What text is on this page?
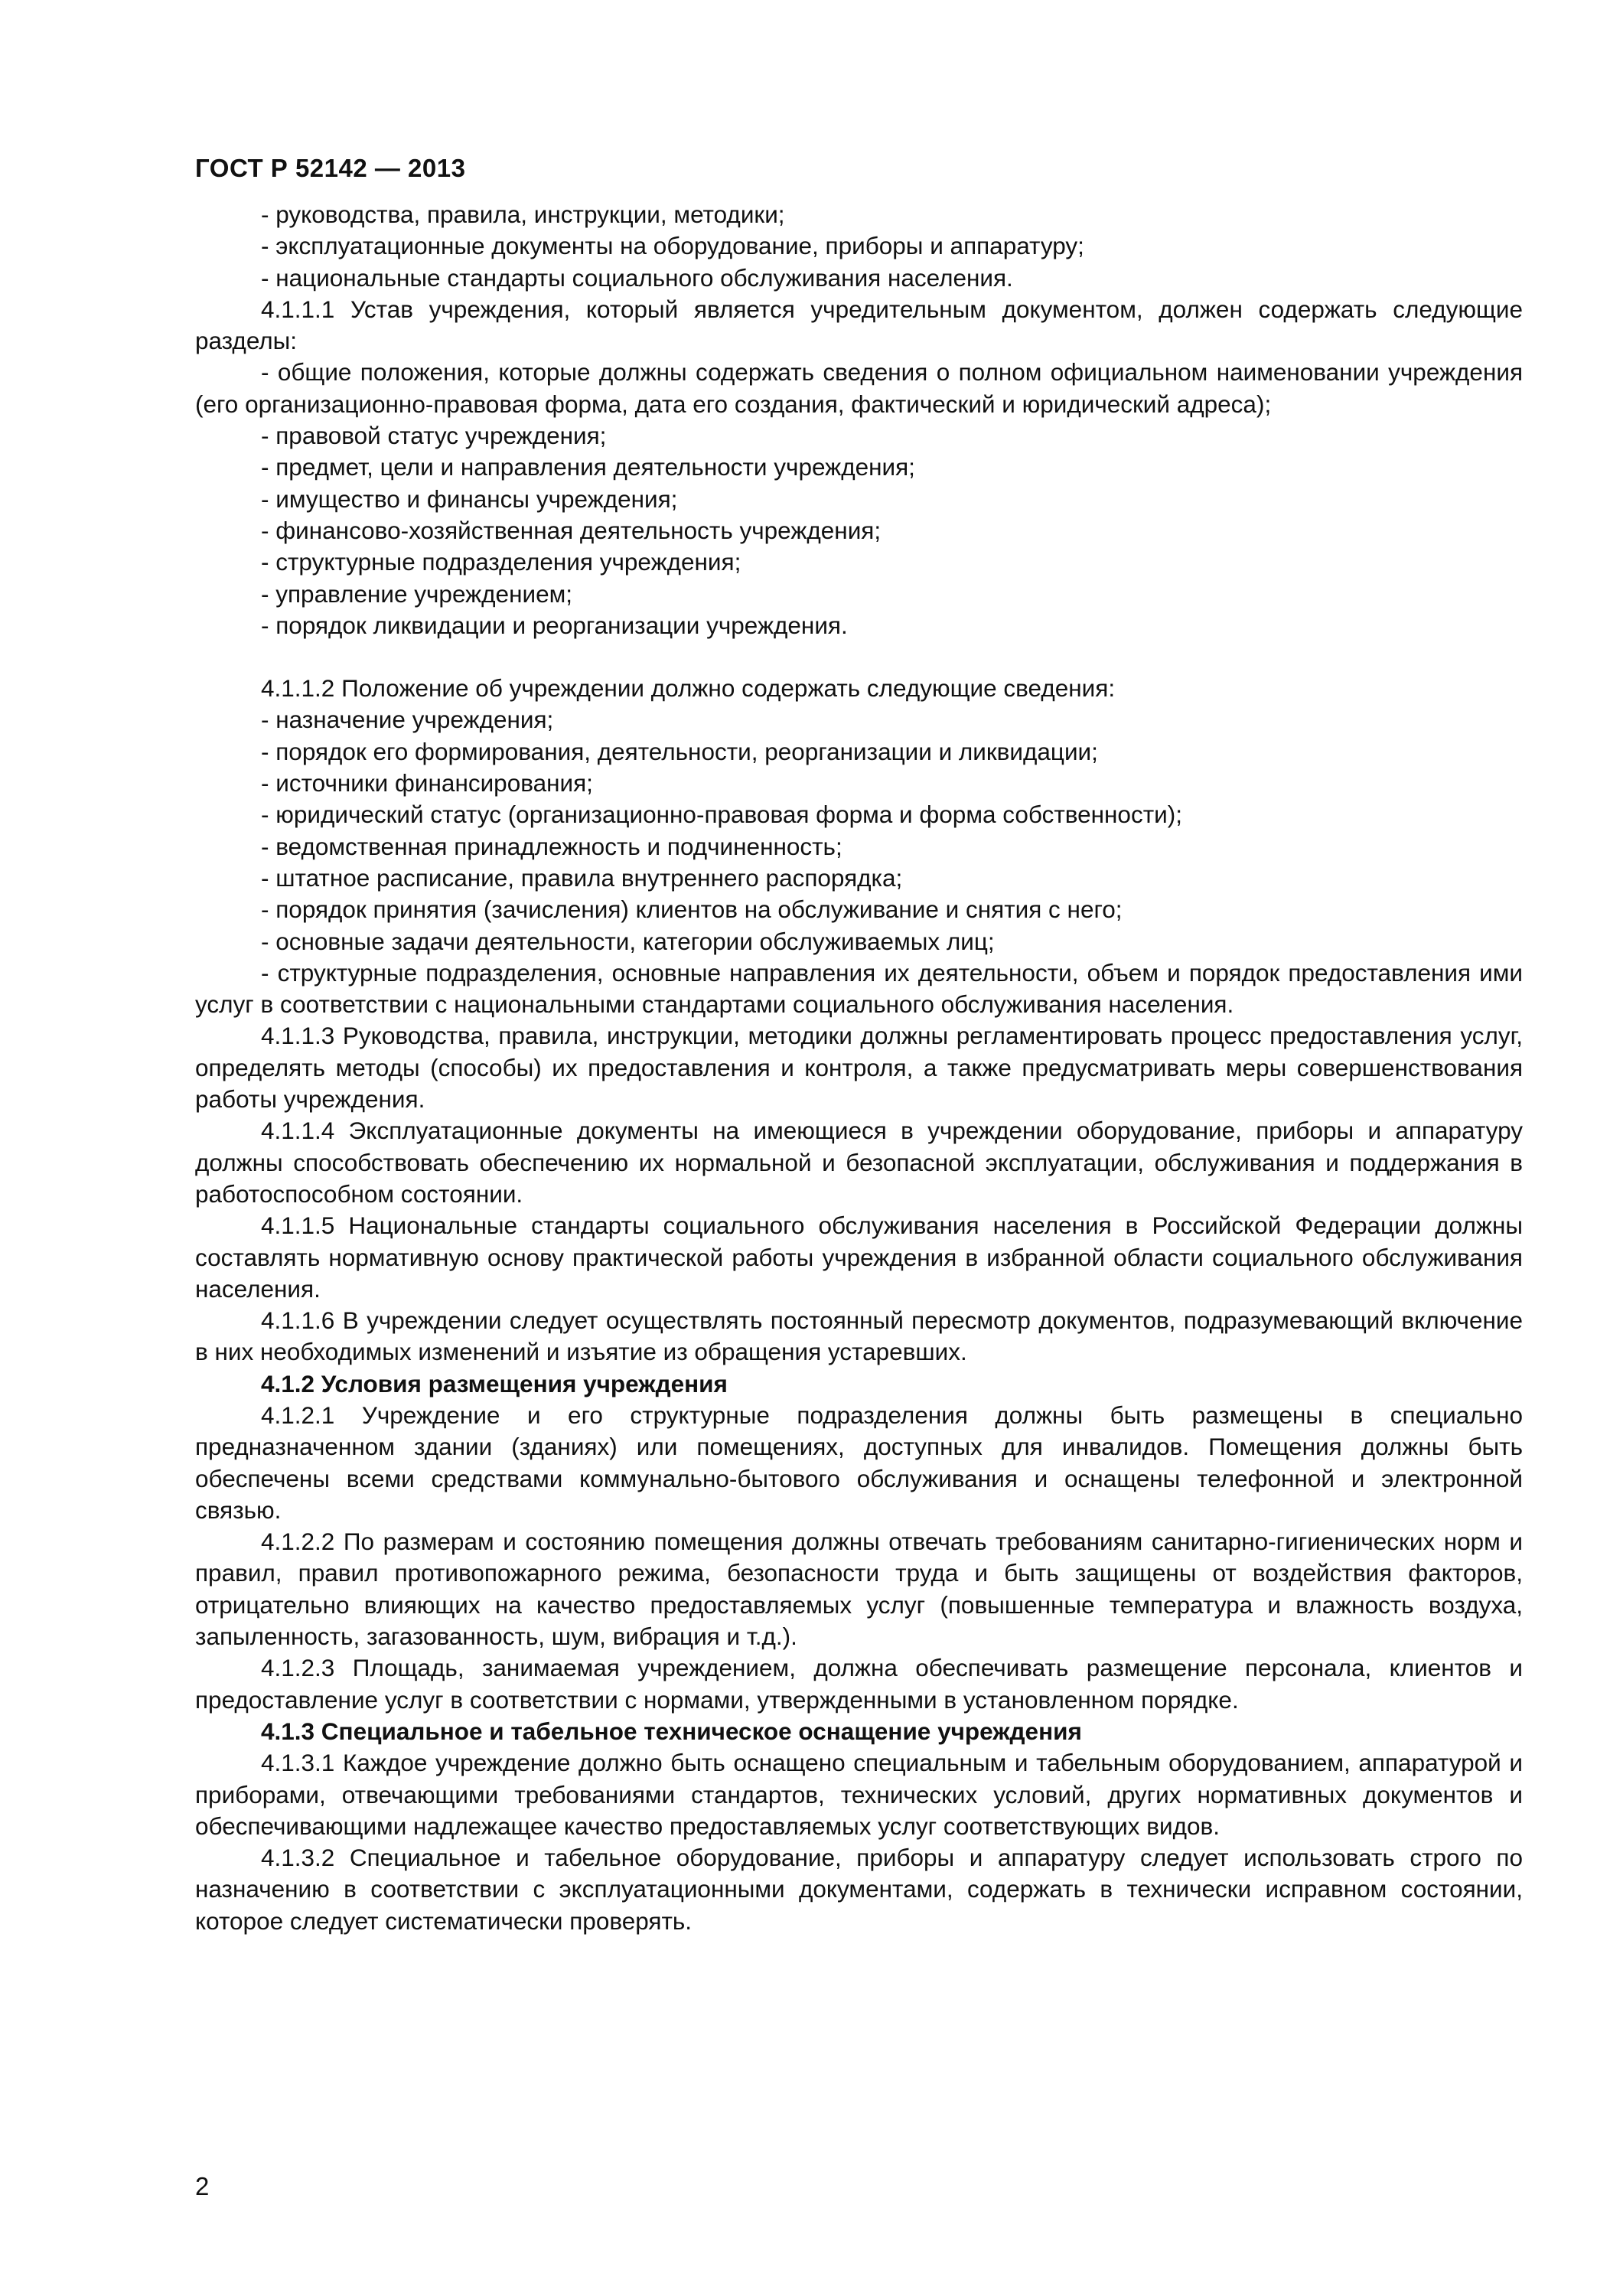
ГОСТ Р 52142 — 2013

- руководства, правила, инструкции, методики;

- эксплуатационные документы на оборудование, приборы и аппаратуру;

- национальные стандарты социального обслуживания населения.

4.1.1.1 Устав учреждения, который является учредительным документом, должен содержать следующие разделы:

- общие положения, которые должны содержать сведения о полном официальном наименовании учреждения (его организационно-правовая форма, дата его создания, фактический и юридический адреса);

- правовой статус учреждения;

- предмет, цели и направления деятельности учреждения;

- имущество и финансы учреждения;

- финансово-хозяйственная деятельность учреждения;

- структурные подразделения учреждения;

- управление учреждением;

- порядок ликвидации и реорганизации учреждения.

4.1.1.2 Положение об учреждении должно содержать следующие сведения:

- назначение учреждения;

- порядок его формирования, деятельности, реорганизации и ликвидации;

- источники финансирования;

- юридический статус (организационно-правовая форма и форма собственности);

- ведомственная принадлежность и подчиненность;

- штатное расписание, правила внутреннего распорядка;

- порядок принятия (зачисления) клиентов на обслуживание и снятия с него;

- основные задачи деятельности, категории обслуживаемых лиц;

- структурные подразделения, основные направления их деятельности, объем и порядок предоставления ими услуг в соответствии с национальными стандартами социального обслуживания населения.

4.1.1.3 Руководства, правила, инструкции, методики должны регламентировать процесс предоставления услуг, определять методы (способы) их предоставления и контроля, а также предусматривать меры совершенствования работы учреждения.

4.1.1.4 Эксплуатационные документы на имеющиеся в учреждении оборудование, приборы и аппаратуру должны способствовать обеспечению их нормальной и безопасной эксплуатации, обслуживания и поддержания в работоспособном состоянии.

4.1.1.5 Национальные стандарты социального обслуживания населения в Российской Федерации должны составлять нормативную основу практической работы учреждения в избранной области социального обслуживания населения.

4.1.1.6 В учреждении следует осуществлять постоянный пересмотр документов, подразумевающий включение в них необходимых изменений и изъятие из обращения устаревших.

4.1.2 Условия размещения учреждения

4.1.2.1 Учреждение и его структурные подразделения должны быть размещены в специально предназначенном здании (зданиях) или помещениях, доступных для инвалидов. Помещения должны быть обеспечены всеми средствами коммунально-бытового обслуживания и оснащены телефонной и электронной связью.

4.1.2.2 По размерам и состоянию помещения должны отвечать требованиям санитарно-гигиенических норм и правил, правил противопожарного режима, безопасности труда и быть защищены от воздействия факторов, отрицательно влияющих на качество предоставляемых услуг (повышенные температура и влажность воздуха, запыленность, загазованность, шум, вибрация и т.д.).

4.1.2.3 Площадь, занимаемая учреждением, должна обеспечивать размещение персонала, клиентов и предоставление услуг в соответствии с нормами, утвержденными в установленном порядке.

4.1.3 Специальное и табельное техническое оснащение учреждения

4.1.3.1 Каждое учреждение должно быть оснащено специальным и табельным оборудованием, аппаратурой и приборами, отвечающими требованиями стандартов, технических условий, других нормативных документов и обеспечивающими надлежащее качество предоставляемых услуг соответствующих видов.

4.1.3.2 Специальное и табельное оборудование, приборы и аппаратуру следует использовать строго по назначению в соответствии с эксплуатационными документами, содержать в технически исправном состоянии, которое следует систематически проверять.

2
